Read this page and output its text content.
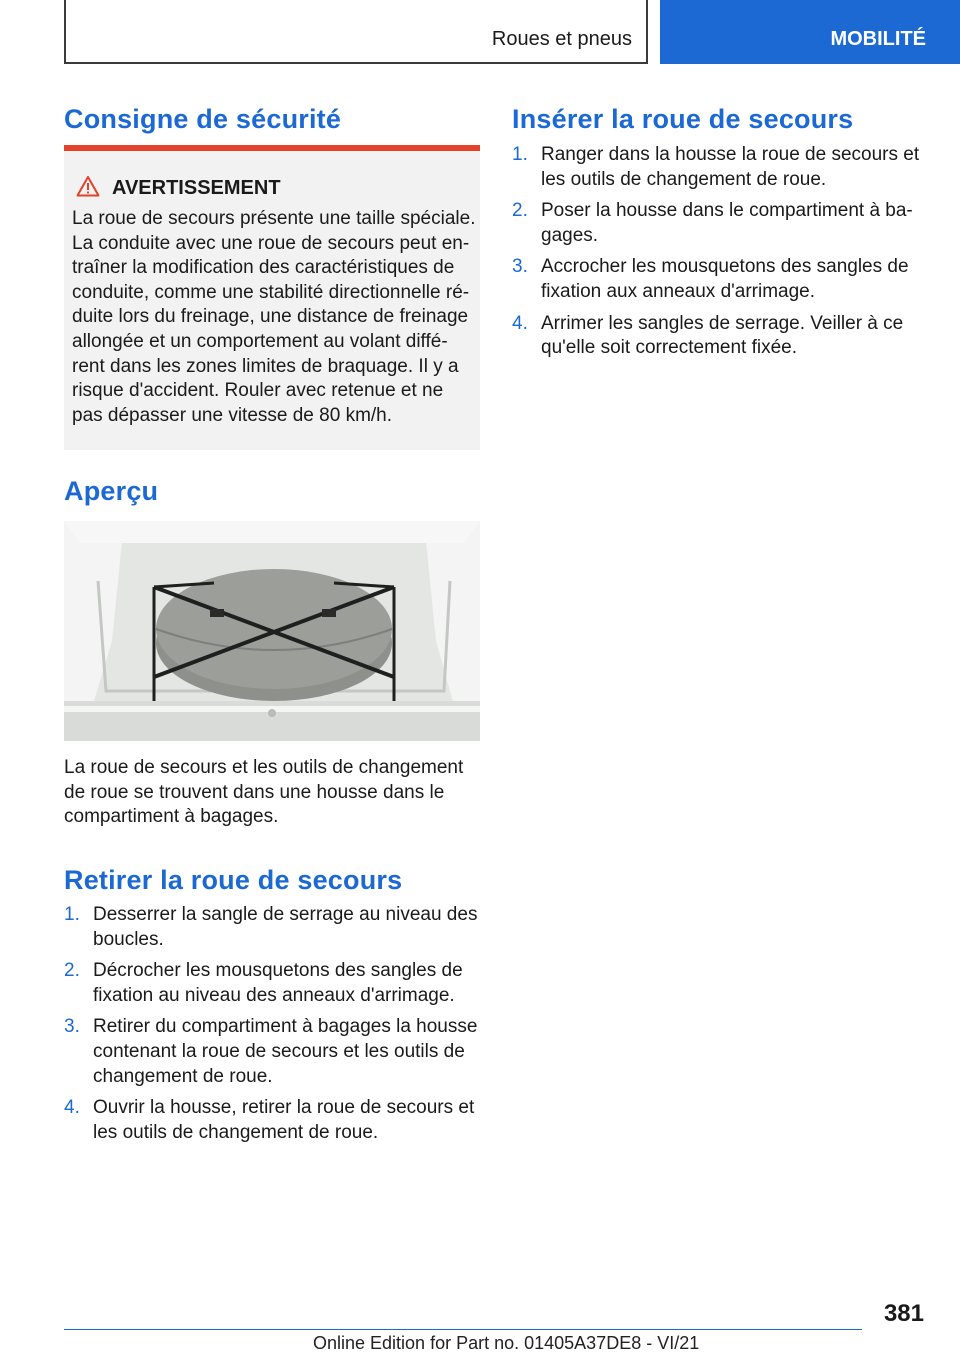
Roues et pneus	MOBILITÉ
Consigne de sécurité
AVERTISSEMENT
La roue de secours présente une taille spéciale.
La conduite avec une roue de secours peut en-
traîner la modification des caractéristiques de
conduite, comme une stabilité directionnelle ré-
duite lors du freinage, une distance de freinage
allongée et un comportement au volant diffé-
rent dans les zones limites de braquage. Il y a
risque d'accident. Rouler avec retenue et ne
pas dépasser une vitesse de 80 km/h.
Aperçu
La roue de secours et les outils de changement
de roue se trouvent dans une housse dans le
compartiment à bagages.
Retirer la roue de secours
1. Desserrer la sangle de serrage au niveau des
boucles.
2. Décrocher les mousquetons des sangles de
fixation au niveau des anneaux d'arrimage.
3. Retirer du compartiment à bagages la housse
contenant la roue de secours et les outils de
changement de roue.
4. Ouvrir la housse, retirer la roue de secours et
les outils de changement de roue.
Insérer la roue de secours
1. Ranger dans la housse la roue de secours et
les outils de changement de roue.
2. Poser la housse dans le compartiment à ba-
gages.
3. Accrocher les mousquetons des sangles de
fixation aux anneaux d'arrimage.
4. Arrimer les sangles de serrage. Veiller à ce
qu'elle soit correctement fixée.
381
Online Edition for Part no. 01405A37DE8 - VI/21
